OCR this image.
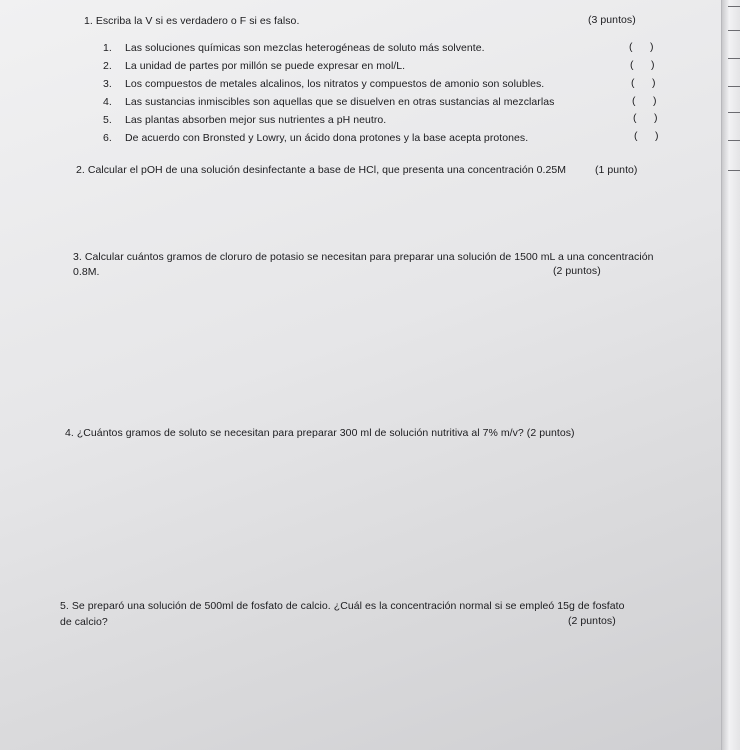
1. Escriba la V si es verdadero o F si es falso.	(3 puntos)
1. Las soluciones químicas son mezclas heterogéneas de soluto más solvente.	(      )
2. La unidad de partes por millón se puede expresar en mol/L.	(      )
3. Los compuestos de metales alcalinos, los nitratos y compuestos de amonio son solubles.	(      )
4. Las sustancias inmiscibles son aquellas que se disuelven en otras sustancias al mezclarlas	(      )
5. Las plantas absorben mejor sus nutrientes a pH neutro.	(      )
6. De acuerdo con Bronsted y Lowry, un ácido dona protones y la base acepta protones.	(      )
2. Calcular el pOH de una solución desinfectante a base de HCl, que presenta una concentración 0.25M	(1 punto)
3. Calcular cuántos gramos de cloruro de potasio se necesitan para preparar una solución de 1500 mL a una concentración
0.8M.	(2 puntos)
4. ¿Cuántos gramos de soluto se necesitan para preparar 300 ml de solución nutritiva al 7% m/v? (2 puntos)
5. Se preparó una solución de 500ml de fosfato de calcio. ¿Cuál es la concentración normal si se empleó 15g de fosfato
de calcio?	(2 puntos)
